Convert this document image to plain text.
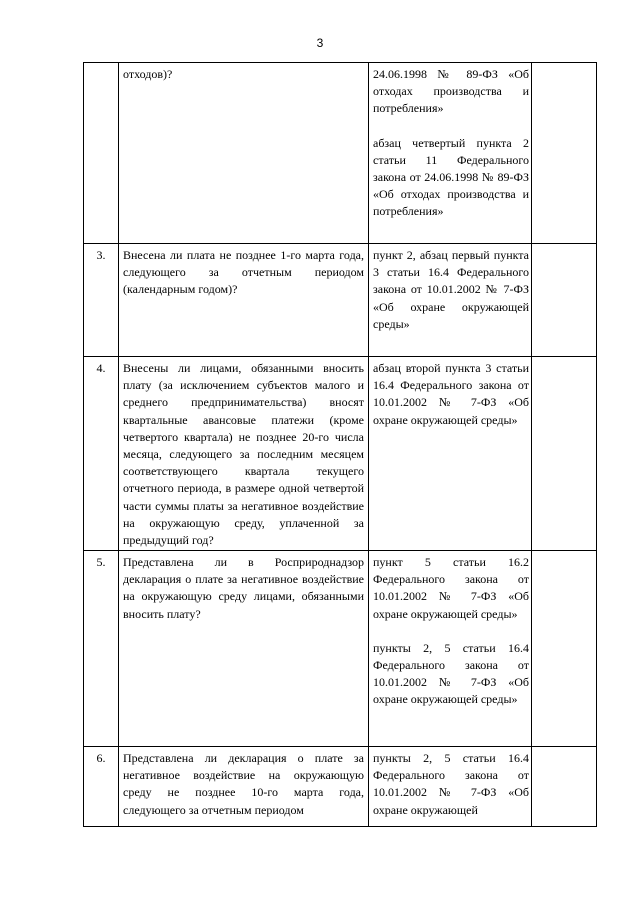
3

	отходов)?	24.06.1998 № 89-ФЗ «Об отходах производства и потребления»

абзац четвертый пункта 2 статьи 11 Федерального закона от 24.06.1998 № 89-ФЗ «Об отходах производства и потребления»	

3.	Внесена ли плата не позднее 1-го марта года, следующего за отчетным периодом (календарным годом)?	пункт 2, абзац первый пункта 3 статьи 16.4 Федерального закона от 10.01.2002 № 7-ФЗ «Об охране окружающей среды»	

4.	Внесены ли лицами, обязанными вносить плату (за исключением субъектов малого и среднего предпринимательства) вносят квартальные авансовые платежи (кроме четвертого квартала) не позднее 20-го числа месяца, следующего за последним месяцем соответствующего квартала текущего отчетного периода, в размере одной четвертой части суммы платы за негативное воздействие на окружающую среду, уплаченной за предыдущий год?	абзац второй пункта 3 статьи 16.4 Федерального закона от 10.01.2002 № 7-ФЗ «Об охране окружающей среды»	

5.	Представлена ли в Росприроднадзор декларация о плате за негативное воздействие на окружающую среду лицами, обязанными вносить плату?	пункт 5 статьи 16.2 Федерального закона от 10.01.2002 № 7-ФЗ «Об охране окружающей среды»

пункты 2, 5 статьи 16.4 Федерального закона от 10.01.2002 № 7-ФЗ «Об охране окружающей среды»	

6.	Представлена ли декларация о плате за негативное воздействие на окружающую среду не позднее 10-го марта года, следующего за отчетным периодом	пункты 2, 5 статьи 16.4 Федерального закона от 10.01.2002 № 7-ФЗ «Об охране окружающей	
